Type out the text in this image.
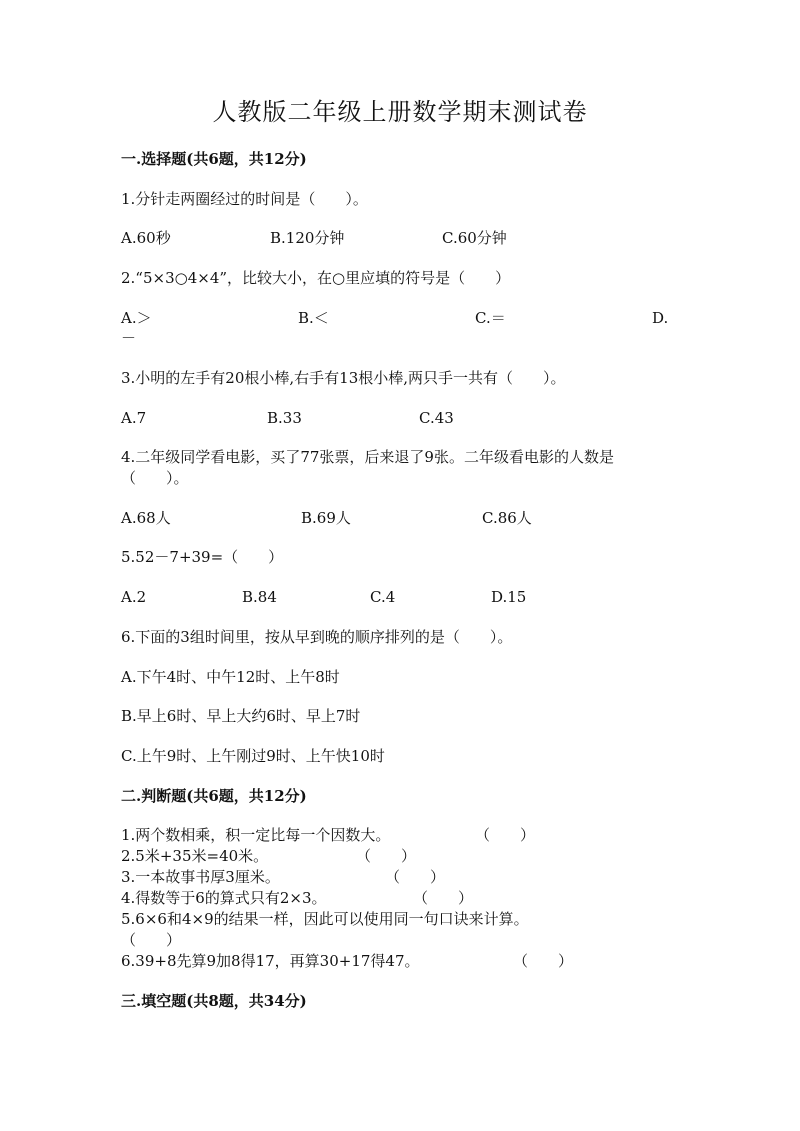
人教版二年级上册数学期末测试卷
一.选择题(共6题，共12分)
1.分针走两圈经过的时间是（　　）。
A.60秒	B.120分钟	C.60分钟
2.“5×3○4×4”，比较大小，在○里应填的符号是（　　）
A.＞	B.＜	C.＝	D.
－
3.小明的左手有20根小棒,右手有13根小棒,两只手一共有（　　）。
A.7	B.33	C.43
4.二年级同学看电影，买了77张票，后来退了9张。二年级看电影的人数是
（　　）。
A.68人	B.69人	C.86人
5.52－7+39=（　　）
A.2	B.84	C.4	D.15
6.下面的3组时间里，按从早到晚的顺序排列的是（　　）。
A.下午4时、中午12时、上午8时
B.早上6时、早上大约6时、早上7时
C.上午9时、上午刚过9时、上午快10时
二.判断题(共6题，共12分)
1.两个数相乘，积一定比每一个因数大。	（　　）
2.5米+35米=40米。	（　　）
3.一本故事书厚3厘米。	（　　）
4.得数等于6的算式只有2×3。	（　　）
5.6×6和4×9的结果一样，因此可以使用同一句口诀来计算。
（　　）
6.39+8先算9加8得17，再算30+17得47。	（　　）
三.填空题(共8题，共34分)
